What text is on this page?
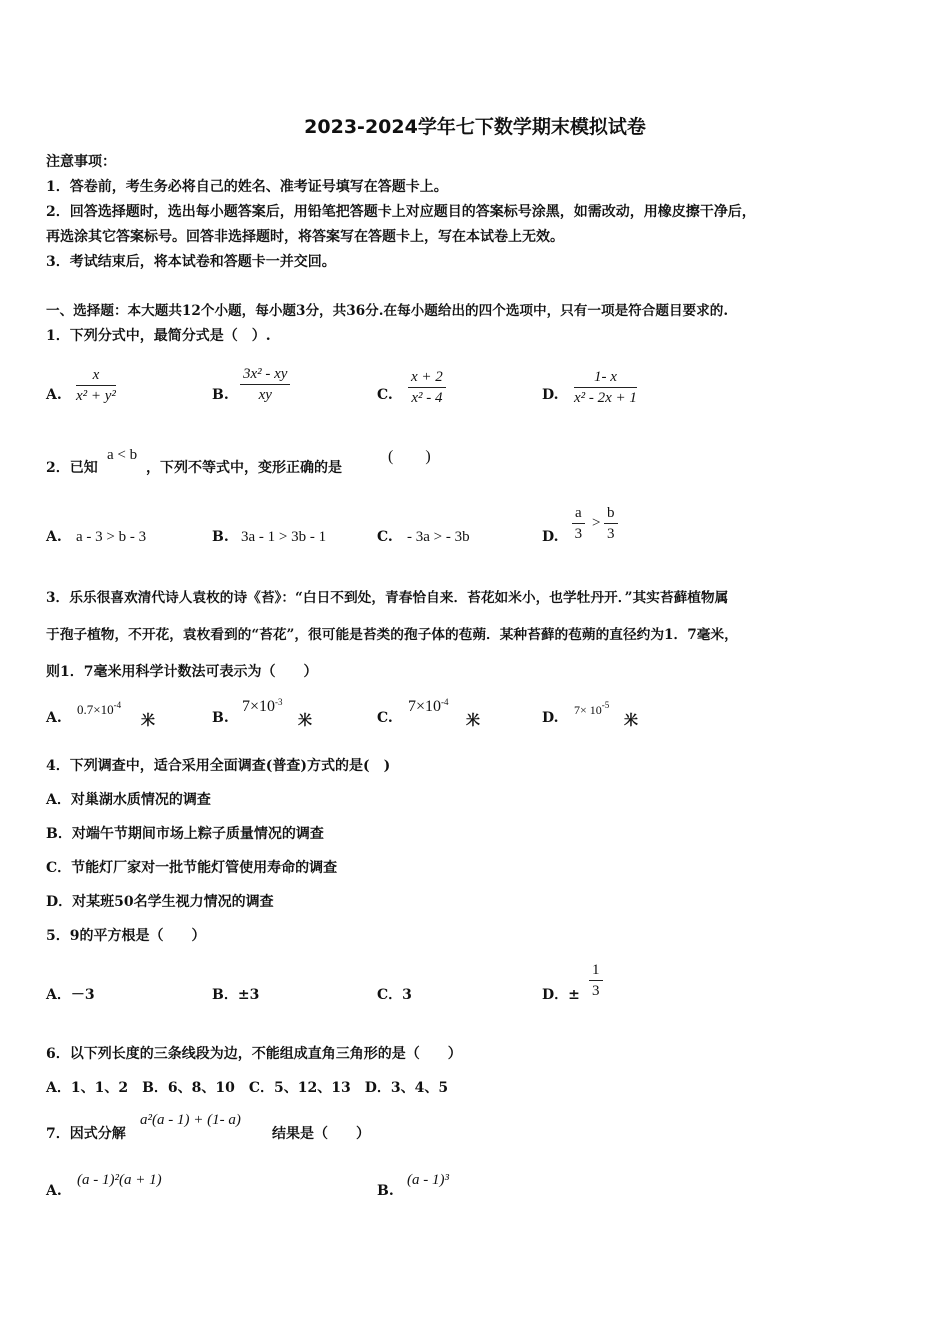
2023-2024学年七下数学期末模拟试卷
注意事项：
1．答卷前，考生务必将自己的姓名、准考证号填写在答题卡上。
2．回答选择题时，选出每小题答案后，用铅笔把答题卡上对应题目的答案标号涂黑，如需改动，用橡皮擦干净后，
再选涂其它答案标号。回答非选择题时，将答案写在答题卡上，写在本试卷上无效。
3．考试结束后，将本试卷和答题卡一并交回。
一、选择题：本大题共12个小题，每小题3分，共36分.在每小题给出的四个选项中，只有一项是符合题目要求的.
1．下列分式中，最简分式是（　）.
A. $\frac{x}{\text{x² + y²}}$	B. $\frac{\text{3x² - xy}}{xy}$	C. $\frac{x + 2}{\text{x² - 4}}$	D. $\frac{1- x}{\text{x² - 2x + 1}}$
2．已知
a < b
，下列不等式中，变形正确的是
(　　)
A. a - 3 > b - 3	B. 3a - 1 > 3b - 1	C. - 3a > - 3b	D. $\frac{a}{3} > \frac{b}{3}$
3．乐乐很喜欢清代诗人袁枚的诗《苔》：“白日不到处，青春恰自来．苔花如米小，也学牡丹开．”其实苔藓植物属
于孢子植物，不开花，袁枚看到的“苔花”，很可能是苔类的孢子体的苞蒴．某种苔藓的苞蒴的直径约为1．7毫米，
则1．7毫米用科学计数法可表示为（　　）
A.
$0.7\times 10^{-4}$
米	B.
$7\times 10^{-3}$
米	C.
$7\times 10^{-4}$
米	D. $7\times 10^{-5}$
米
4．下列调查中，适合采用全面调查(普查)方式的是(　)
A．对巢湖水质情况的调查
B．对端午节期间市场上粽子质量情况的调查
C．节能灯厂家对一批节能灯管使用寿命的调查
D．对某班50名学生视力情况的调查
5．9的平方根是（　　）
A．－3	B．±3	C．3	D．± $\frac{1}{3}$
6．以下列长度的三条线段为边，不能组成直角三角形的是（　　）
A．1、1、2　B．6、8、10　C．5、12、13　D．3、4、5
7．因式分解
a²(a - 1) + (1- a)
结果是（　　）
A.
(a - 1)²(a + 1)
B.
(a - 1)³
